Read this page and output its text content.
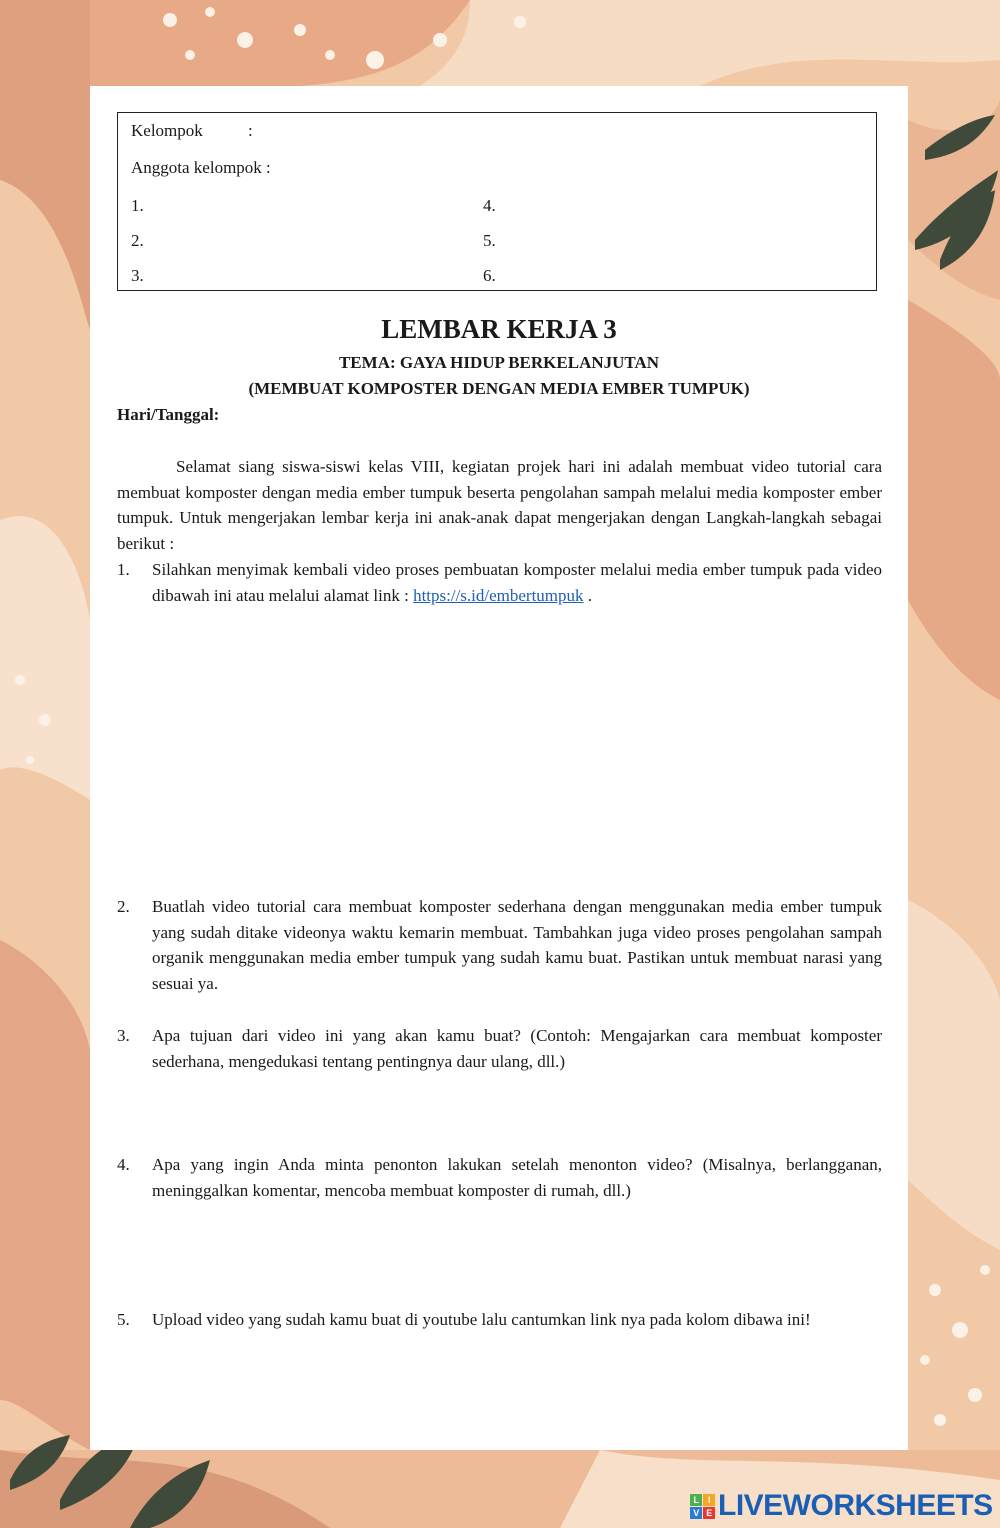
Kelompok	:
Anggota kelompok :
1.
2.
3.
4.
5.
6.
LEMBAR KERJA 3
TEMA: GAYA HIDUP BERKELANJUTAN
(MEMBUAT KOMPOSTER DENGAN MEDIA EMBER TUMPUK)
Hari/Tanggal:
Selamat siang siswa-siswi kelas VIII, kegiatan projek hari ini adalah membuat video tutorial cara membuat komposter dengan media ember tumpuk beserta pengolahan sampah melalui media komposter ember tumpuk. Untuk mengerjakan lembar kerja ini anak-anak dapat mengerjakan dengan Langkah-langkah sebagai berikut :
1. Silahkan menyimak kembali video proses pembuatan komposter melalui media ember tumpuk pada video dibawah ini atau melalui alamat link : https://s.id/embertumpuk .
2. Buatlah video tutorial cara membuat komposter sederhana dengan menggunakan media ember tumpuk yang sudah ditake videonya waktu kemarin membuat. Tambahkan juga video proses pengolahan sampah organik menggunakan media ember tumpuk yang sudah kamu buat. Pastikan untuk membuat narasi yang sesuai ya.
3. Apa tujuan dari video ini yang akan kamu buat? (Contoh: Mengajarkan cara membuat komposter sederhana, mengedukasi tentang pentingnya daur ulang, dll.)
4. Apa yang ingin Anda minta penonton lakukan setelah menonton video? (Misalnya, berlangganan, meninggalkan komentar, mencoba membuat komposter di rumah, dll.)
5. Upload video yang sudah kamu buat di youtube lalu cantumkan link nya pada kolom dibawa ini!
L	I
V E LIVEWORKSHEETS
